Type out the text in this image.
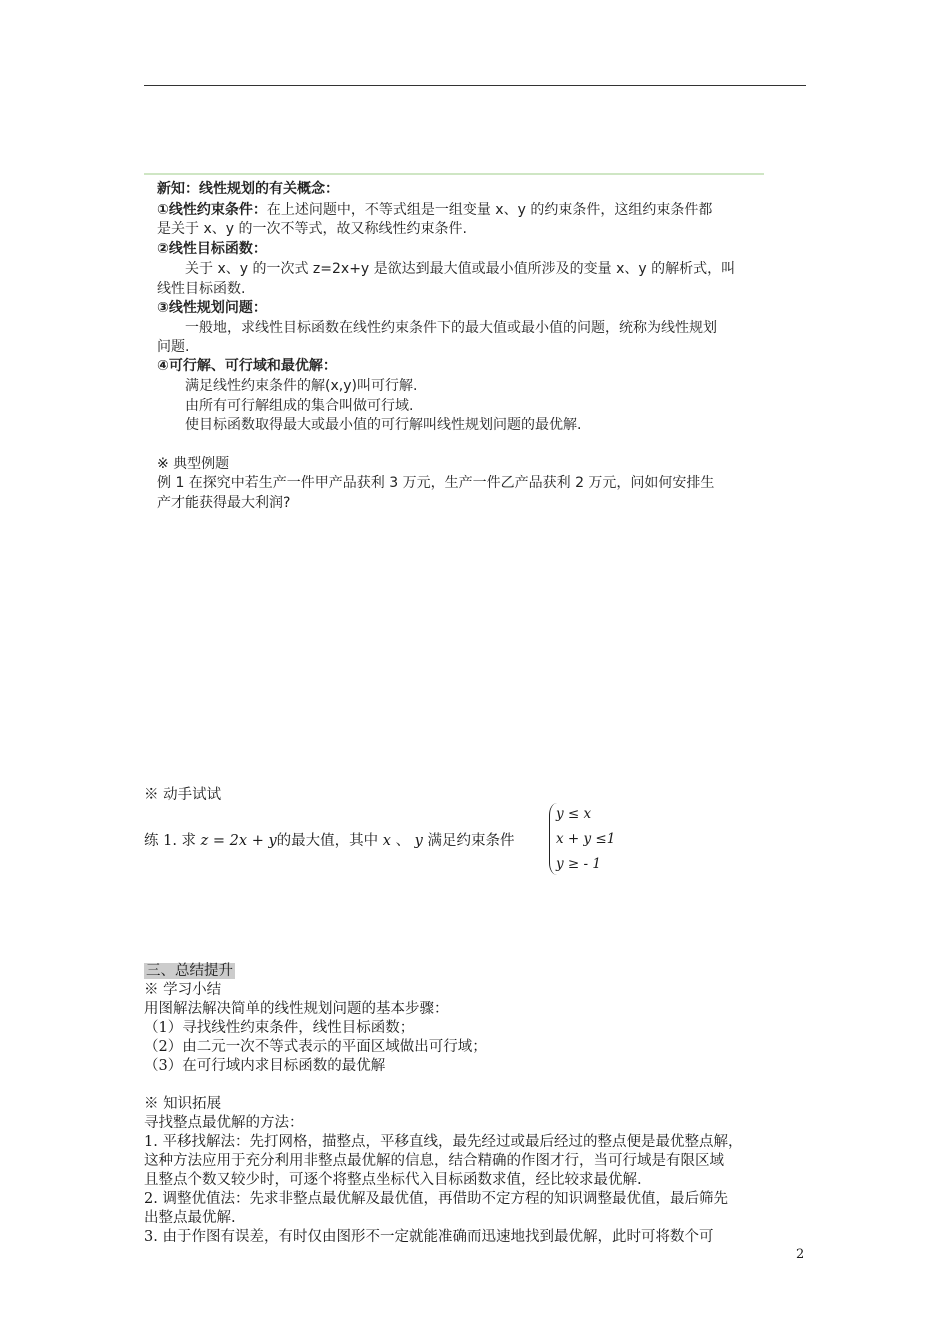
新知：线性规划的有关概念：
①线性约束条件：在上述问题中，不等式组是一组变量 x、y 的约束条件，这组约束条件都
是关于 x、y 的一次不等式，故又称线性约束条件.
②线性目标函数：
关于 x、y 的一次式 z=2x+y 是欲达到最大值或最小值所涉及的变量 x、y 的解析式，叫
线性目标函数.
③线性规划问题：
一般地，求线性目标函数在线性约束条件下的最大值或最小值的问题，统称为线性规划
问题.
④可行解、可行域和最优解：
满足线性约束条件的解(x,y)叫可行解.
由所有可行解组成的集合叫做可行域.
使目标函数取得最大或最小值的可行解叫线性规划问题的最优解.
※ 典型例题
例 1 在探究中若生产一件甲产品获利 3 万元，生产一件乙产品获利 2 万元，问如何安排生
产才能获得最大利润?
※ 动手试试
练 1. 求 z = 2x + y的最大值，其中 x 、 y 满足约束条件
y ≤ x
x + y ≤1
y ≥ - 1
三、总结提升
※ 学习小结
用图解法解决简单的线性规划问题的基本步骤：
（1）寻找线性约束条件，线性目标函数；
（2）由二元一次不等式表示的平面区域做出可行域；
（3）在可行域内求目标函数的最优解
※ 知识拓展
寻找整点最优解的方法：
1. 平移找解法：先打网格，描整点，平移直线，最先经过或最后经过的整点便是最优整点解，
这种方法应用于充分利用非整点最优解的信息，结合精确的作图才行，当可行域是有限区域
且整点个数又较少时，可逐个将整点坐标代入目标函数求值，经比较求最优解.
2. 调整优值法：先求非整点最优解及最优值，再借助不定方程的知识调整最优值，最后筛先
出整点最优解.
3. 由于作图有误差，有时仅由图形不一定就能准确而迅速地找到最优解，此时可将数个可
2
